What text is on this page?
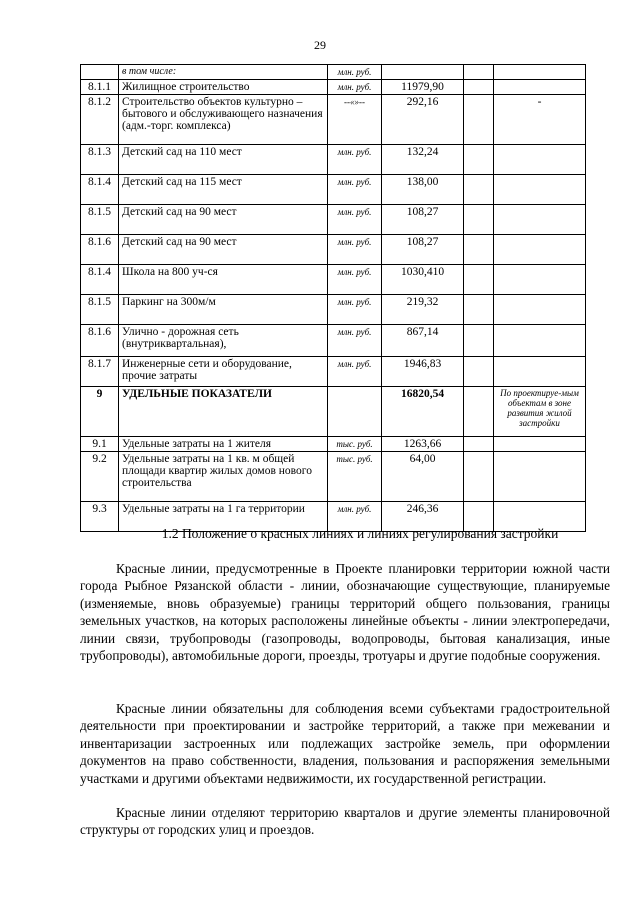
29
	в том числе:	млн. руб.			
8.1.1	Жилищное строительство	млн. руб.	11979,90		
8.1.2	Строительство объектов культурно – бытового и обслуживающего назначения (адм.-торг. комплекса)	--«»--	292,16		-
8.1.3	Детский сад на 110 мест	млн. руб.	132,24		
8.1.4	Детский сад на 115 мест	млн. руб.	138,00		
8.1.5	Детский сад на 90 мест	млн. руб.	108,27		
8.1.6	Детский сад на 90 мест	млн. руб.	108,27		
8.1.4	Школа на 800 уч-ся	млн. руб.	1030,410		
8.1.5	Паркинг на 300м/м	млн. руб.	219,32		
8.1.6	Улично - дорожная сеть (внутриквартальная),	млн. руб.	867,14		
8.1.7	Инженерные сети и оборудование, прочие затраты	млн. руб.	1946,83		
9	УДЕЛЬНЫЕ ПОКАЗАТЕЛИ		16820,54		По проектируе-мым объектам в зоне развития жилой застройки
9.1	Удельные затраты на 1 жителя	тыс. руб.	1263,66		
9.2	Удельные затраты на 1 кв. м общей площади квартир жилых домов нового строительства	тыс. руб.	64,00		
9.3	Удельные затраты на 1 га территории	млн. руб.	246,36		
1.2 Положение о красных линиях и линиях регулирования застройки

Красные линии, предусмотренные в Проекте планировки территории южной части города Рыбное Рязанской области - линии, обозначающие существующие, планируемые (изменяемые, вновь образуемые) границы территорий общего пользования, границы земельных участков, на которых расположены линейные объекты - линии электропередачи, линии связи, трубопроводы (газопроводы, водопроводы, бытовая канализация, иные трубопроводы), автомобильные дороги, проезды, тротуары и другие подобные сооружения.

Красные линии обязательны для соблюдения всеми субъектами градостроительной деятельности при проектировании и застройке территорий, а также при межевании и инвентаризации застроенных или подлежащих застройке земель, при оформлении документов на право собственности, владения, пользования и распоряжения земельными участками и другими объектами недвижимости, их государственной регистрации.

Красные линии отделяют территорию кварталов и другие элементы планировочной структуры от городских улиц и проездов.
